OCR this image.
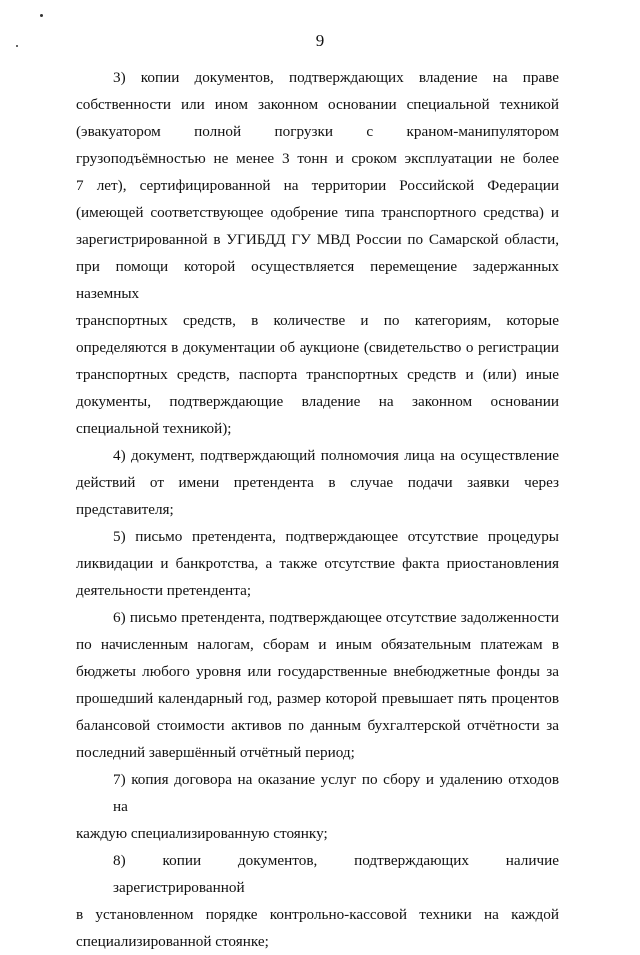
9
3) копии документов, подтверждающих владение на праве
собственности или ином законном основании специальной техникой
(эвакуатором полной погрузки с краном-манипулятором
грузоподъёмностью не менее 3 тонн и сроком эксплуатации не более
7 лет), сертифицированной на территории Российской Федерации
(имеющей соответствующее одобрение типа транспортного средства) и
зарегистрированной в УГИБДД ГУ МВД России по Самарской области,
при помощи которой осуществляется перемещение задержанных наземных
транспортных средств, в количестве и по категориям, которые
определяются в документации об аукционе (свидетельство о регистрации
транспортных средств, паспорта транспортных средств и (или) иные
документы, подтверждающие владение на законном основании
специальной техникой);
4) документ, подтверждающий полномочия лица на осуществление
действий от имени претендента в случае подачи заявки через
представителя;
5) письмо претендента, подтверждающее отсутствие процедуры
ликвидации и банкротства, а также отсутствие факта приостановления
деятельности претендента;
6) письмо претендента, подтверждающее отсутствие задолженности
по начисленным налогам, сборам и иным обязательным платежам в
бюджеты любого уровня или государственные внебюджетные фонды за
прошедший календарный год, размер которой превышает пять процентов
балансовой стоимости активов по данным бухгалтерской отчётности за
последний завершённый отчётный период;
7) копия договора на оказание услуг по сбору и удалению отходов на
каждую специализированную стоянку;
8) копии документов, подтверждающих наличие зарегистрированной
в установленном порядке контрольно-кассовой техники на каждой
специализированной стоянке;
